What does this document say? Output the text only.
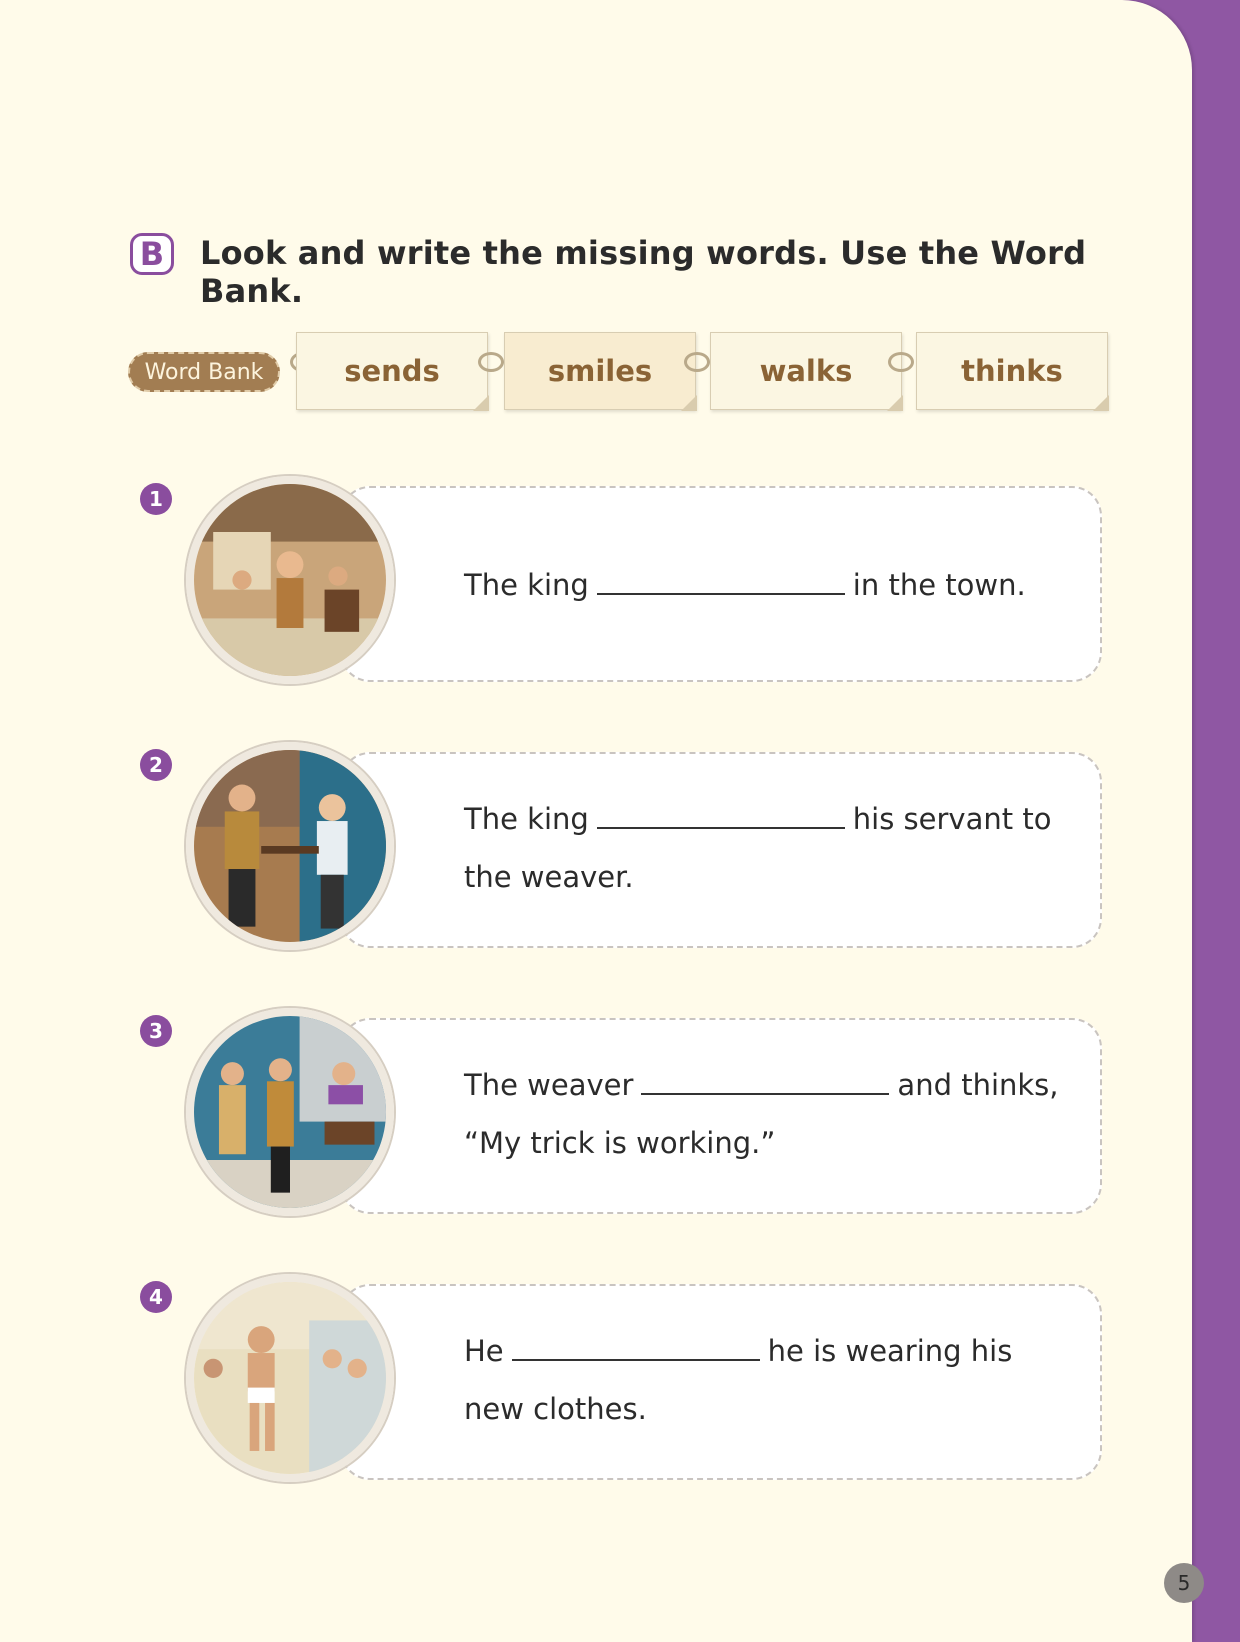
B	Look and write the missing words. Use the Word Bank.
Word Bank	sends	smiles	walks	thinks
1
The king	in the town.
2
The king	his servant to
the weaver.
3
The weaver	and thinks,
“My trick is working.”
4
He	he is wearing his
new clothes.
5
